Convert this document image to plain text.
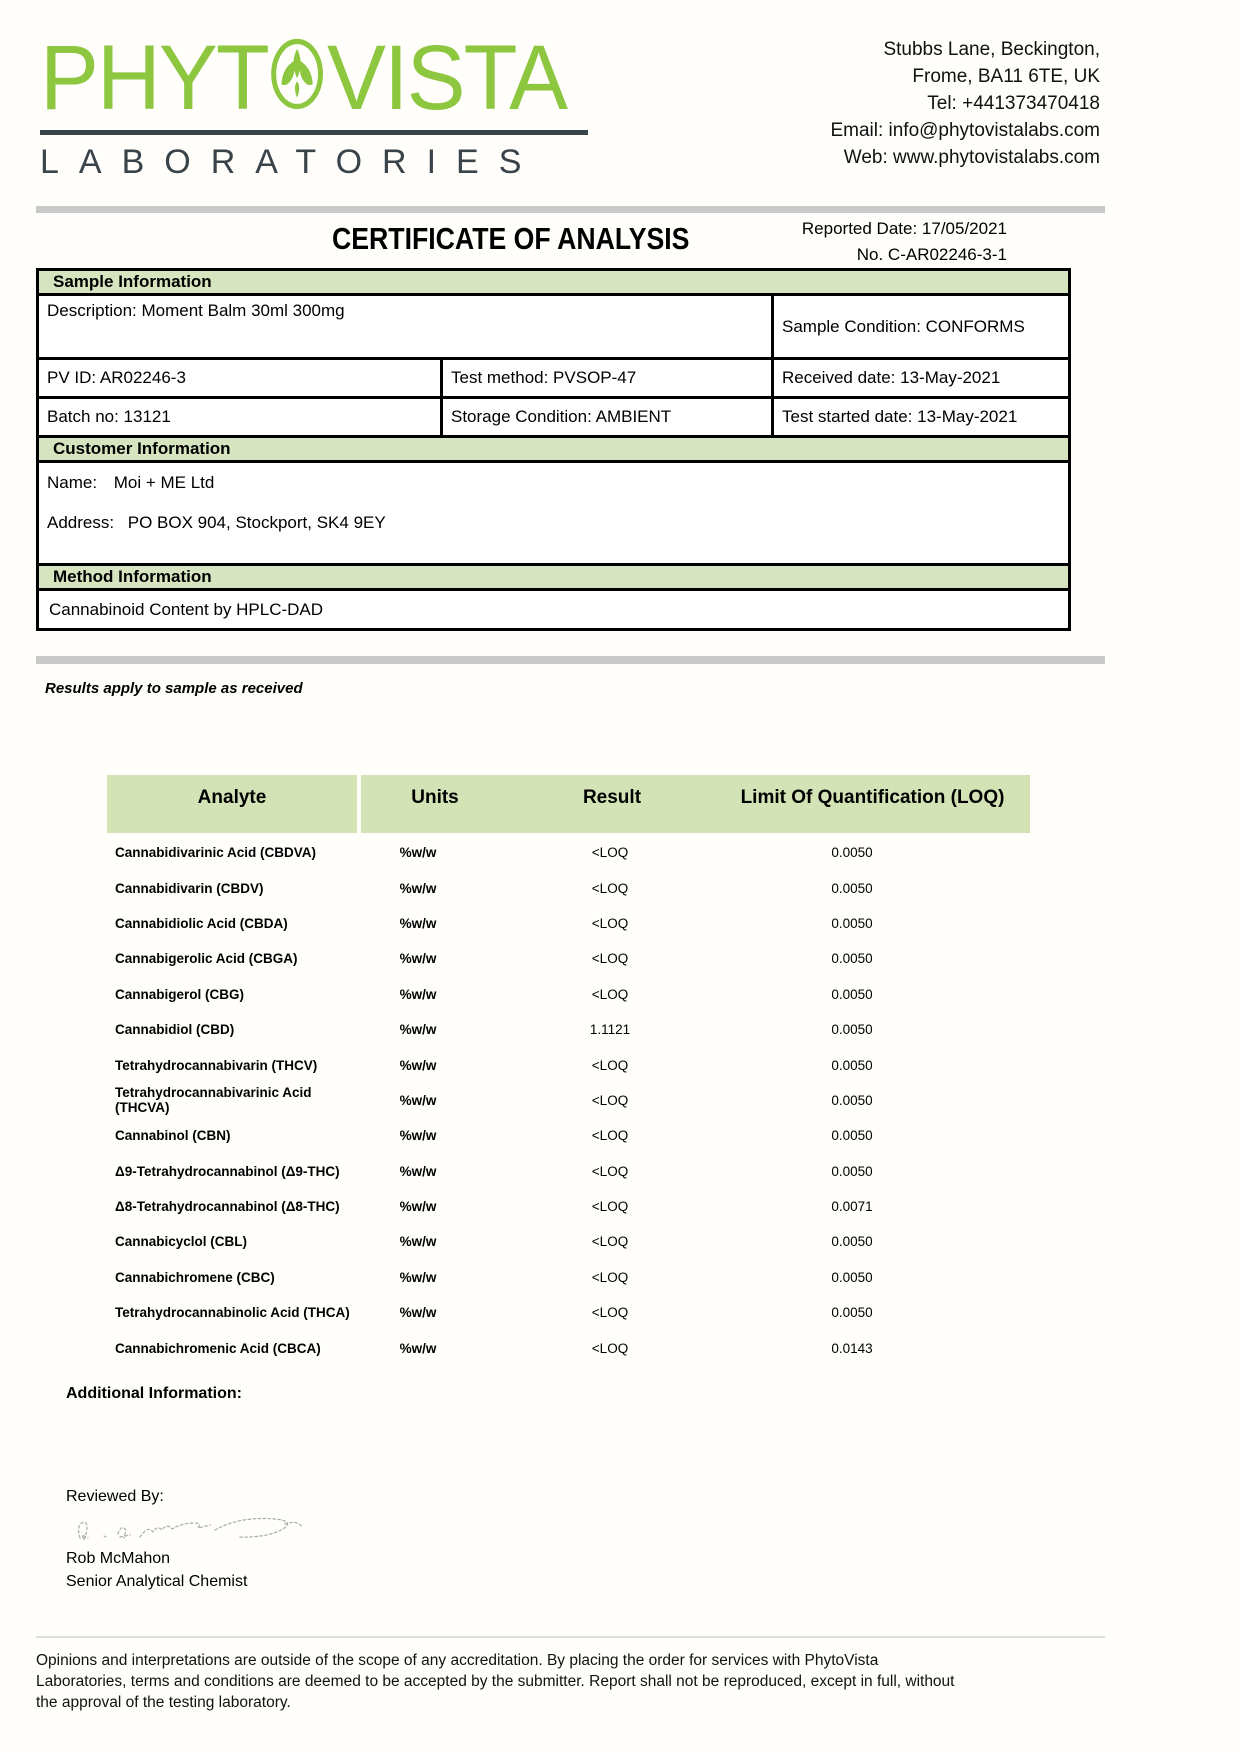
PHYT VISTA
LABORATORIES
Stubbs Lane, Beckington,
Frome, BA11 6TE, UK
Tel: +441373470418
Email: info@phytovistalabs.com
Web: www.phytovistalabs.com
CERTIFICATE OF ANALYSIS	Reported Date: 17/05/2021
No. C-AR02246-3-1
Sample Information
Description: Moment Balm 30ml 300mg
Sample Condition: CONFORMS
PV ID: AR02246-3	Test method: PVSOP-47	Received date: 13-May-2021
Batch no: 13121	Storage Condition: AMBIENT	Test started date: 13-May-2021
Customer Information
Name: Moi + ME Ltd
Address: PO BOX 904, Stockport, SK4 9EY
Method Information
Cannabinoid Content by HPLC-DAD
Results apply to sample as received
Analyte	Units	Result	Limit Of Quantification (LOQ)
Cannabidivarinic Acid (CBDVA)	%w/w	<LOQ	0.0050
Cannabidivarin (CBDV)	%w/w	<LOQ	0.0050
Cannabidiolic Acid (CBDA)	%w/w	<LOQ	0.0050
Cannabigerolic Acid (CBGA)	%w/w	<LOQ	0.0050
Cannabigerol (CBG)	%w/w	<LOQ	0.0050
Cannabidiol (CBD)	%w/w	1.1121	0.0050
Tetrahydrocannabivarin (THCV)	%w/w	<LOQ	0.0050
Tetrahydrocannabivarinic Acid (THCVA)	%w/w	<LOQ	0.0050
Cannabinol (CBN)	%w/w	<LOQ	0.0050
Δ9-Tetrahydrocannabinol (Δ9-THC)	%w/w	<LOQ	0.0050
Δ8-Tetrahydrocannabinol (Δ8-THC)	%w/w	<LOQ	0.0071
Cannabicyclol (CBL)	%w/w	<LOQ	0.0050
Cannabichromene (CBC)	%w/w	<LOQ	0.0050
Tetrahydrocannabinolic Acid (THCA)	%w/w	<LOQ	0.0050
Cannabichromenic Acid (CBCA)	%w/w	<LOQ	0.0143
Additional Information:
Reviewed By:
Rob McMahon
Senior Analytical Chemist
Opinions and interpretations are outside of the scope of any accreditation. By placing the order for services with PhytoVista Laboratories, terms and conditions are deemed to be accepted by the submitter. Report shall not be reproduced, except in full, without the approval of the testing laboratory.
